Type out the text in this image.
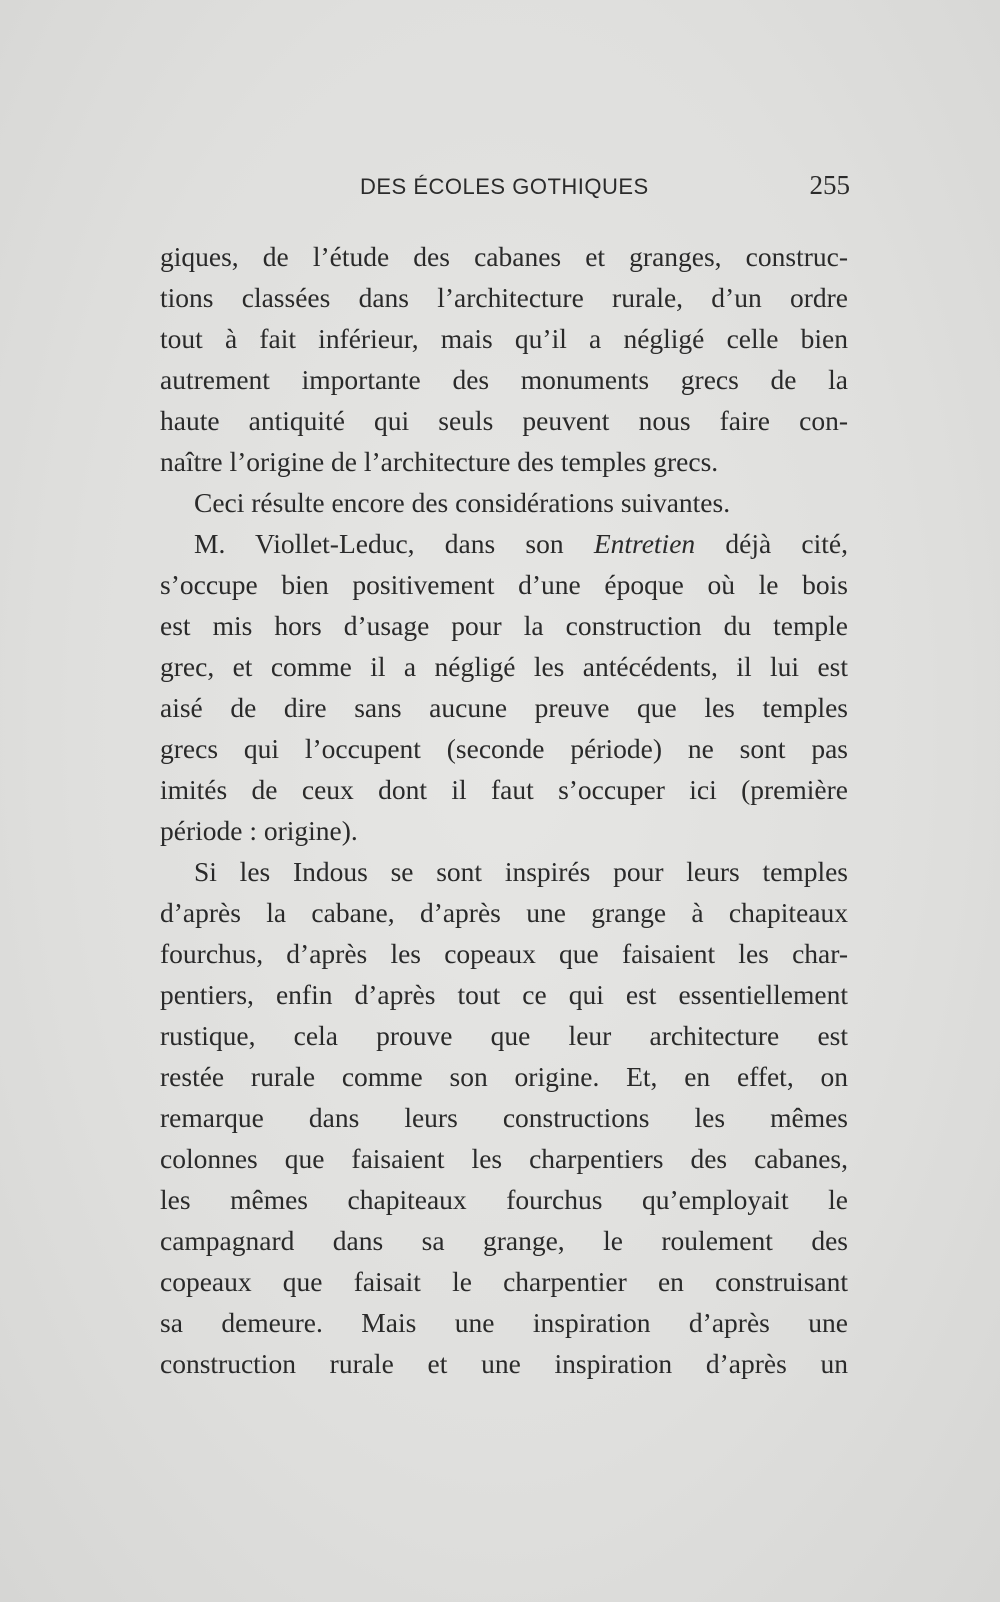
DES ÉCOLES GOTHIQUES	255
giques, de l’étude des cabanes et granges, construc-
tions classées dans l’architecture rurale, d’un ordre
tout à fait inférieur, mais qu’il a négligé celle bien
autrement importante des monuments grecs de la
haute antiquité qui seuls peuvent nous faire con-
naître l’origine de l’architecture des temples grecs.
Ceci résulte encore des considérations suivantes.
M. Viollet-Leduc, dans son Entretien déjà cité,
s’occupe bien positivement d’une époque où le bois
est mis hors d’usage pour la construction du temple
grec, et comme il a négligé les antécédents, il lui est
aisé de dire sans aucune preuve que les temples
grecs qui l’occupent (seconde période) ne sont pas
imités de ceux dont il faut s’occuper ici (première
période : origine).
Si les Indous se sont inspirés pour leurs temples
d’après la cabane, d’après une grange à chapiteaux
fourchus, d’après les copeaux que faisaient les char-
pentiers, enfin d’après tout ce qui est essentiellement
rustique, cela prouve que leur architecture est
restée rurale comme son origine. Et, en effet, on
remarque dans leurs constructions les mêmes
colonnes que faisaient les charpentiers des cabanes,
les mêmes chapiteaux fourchus qu’employait le
campagnard dans sa grange, le roulement des
copeaux que faisait le charpentier en construisant
sa demeure. Mais une inspiration d’après une
construction rurale et une inspiration d’après un
